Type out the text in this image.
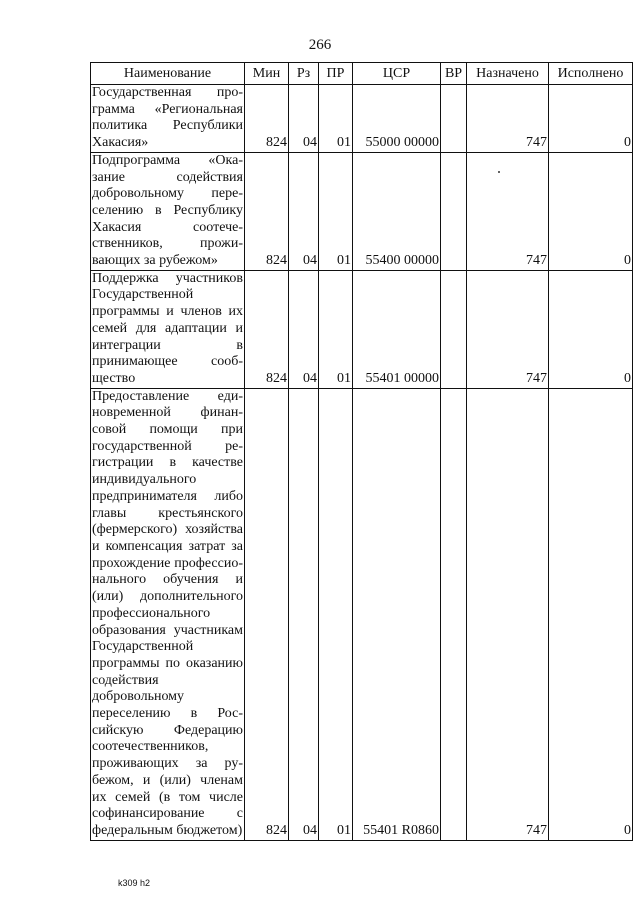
266
Наименование	Мин	Рз	ПР	ЦСР	ВР	Назначено	Исполнено
Государственная программа «Региональная политика Республики Хакасия»	824	04	01	55000 00000		747	0
Подпрограмма «Оказание содействия добровольному переселению в Республику Хакасия соотечественников, проживающих за рубежом»	824	04	01	55400 00000		747	0
Поддержка участников Государственной программы и членов их семей для адаптации и интеграции в принимающее сообщество	824	04	01	55401 00000		747	0
Предоставление единовременной финансовой помощи при государственной регистрации в качестве индивидуального предпринимателя либо главы крестьянского (фермерского) хозяйства и компенсация затрат за прохождение профессионального обучения и (или) дополнительного профессионального образования участникам Государственной программы по оказанию содействия добровольному переселению в Российскую Федерацию соотечественников, проживающих за рубежом, и (или) членам их семей (в том числе софинансирование с федеральным бюджетом)	824	04	01	55401 R0860		747	0
k309 h2
